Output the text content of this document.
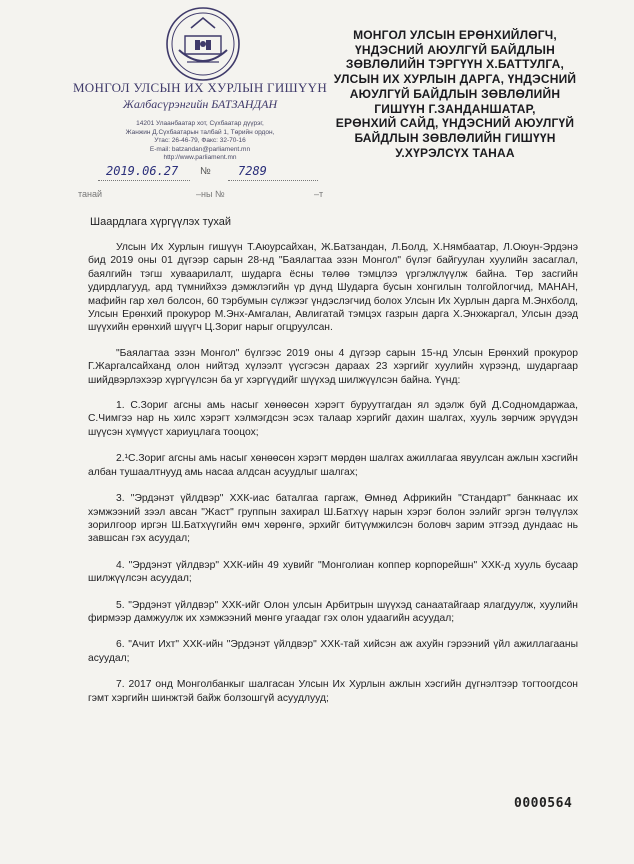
МОНГОЛ УЛСЫН ИХ ХУРЛЫН ГИШҮҮН
Жалбасүрэнгийн БАТЗАНДАН
14201 Улаанбаатар хот, Сүхбаатар дүүрэг,
Жанжин Д.Сүхбаатарын талбай 1, Төрийн ордон,
Утас: 26-46-79, Факс: 32-70-16
E-mail: batzandan@parliament.mn
http://www.parliament.mn
МОНГОЛ УЛСЫН ЕРӨНХИЙЛӨГЧ,
ҮНДЭСНИЙ АЮУЛГҮЙ БАЙДЛЫН
ЗӨВЛӨЛИЙН ТЭРГҮҮН Х.БАТТУЛГА,
УЛСЫН ИХ ХУРЛЫН ДАРГА, ҮНДЭСНИЙ
АЮУЛГҮЙ БАЙДЛЫН ЗӨВЛӨЛИЙН
ГИШҮҮН Г.ЗАНДАНШАТАР,
ЕРӨНХИЙ САЙД, ҮНДЭСНИЙ АЮУЛГҮЙ
БАЙДЛЫН ЗӨВЛӨЛИЙН ГИШҮҮН
У.ХҮРЭЛСҮХ ТАНАА
2019.06.27 № 7289
танай	–ны №	–т
Шаардлага хүргүүлэх тухай

Улсын Их Хурлын гишүүн Т.Аюурсайхан, Ж.Батзандан, Л.Болд, Х.Нямбаатар, Л.Оюун-Эрдэнэ бид 2019 оны 01 дүгээр сарын 28-нд "Баялагтаа эзэн Монгол" бүлэг байгуулан хуулийн засаглал, баялгийн тэгш хуваарилалт, шударга ёсны төлөө тэмцлээ үргэлжлүүлж байна. Төр засгийн удирдлагууд, ард түмнийхээ дэмжлэгийн үр дүнд Шударга бусын хонгилын толгойлогчид, МАНАН, мафийн гар хөл болсон, 60 тэрбумын сүлжээг үндэслэгчид болох Улсын Их Хурлын дарга М.Энхболд, Улсын Ерөнхий прокурор М.Энх-Амгалан, Авлигатай тэмцэх газрын дарга Х.Энхжаргал, Улсын дээд шүүхийн ерөнхий шүүгч Ц.Зориг нарыг огцруулсан.

"Баялагтаа эзэн Монгол" бүлгээс 2019 оны 4 дүгээр сарын 15-нд Улсын Ерөнхий прокурор Г.Жаргалсайханд олон нийтэд хүлээлт үүсгэсэн дараах 23 хэргийг хуулийн хүрээнд, шударгаар шийдвэрлэхээр хүргүүлсэн ба уг хэргүүдийг шүүхэд шилжүүлсэн байна. Үүнд:

1. С.Зориг агсны амь насыг хөнөөсөн хэрэгт буруутгагдан ял эдэлж буй Д.Содномдаржаа, С.Чимгээ нар нь хилс хэрэгт хэлмэгдсэн эсэх талаар хэргийг дахин шалгах, хууль зөрчиж эрүүдэн шүүсэн хүмүүст хариуцлага тооцох;

2.¹С.Зориг агсны амь насыг хөнөөсөн хэрэгт мөрдөн шалгах ажиллагаа явуулсан ажлын хэсгийн албан тушаалтнууд амь насаа алдсан асуудлыг шалгах;

3. "Эрдэнэт үйлдвэр" ХХК-иас баталгаа гаргаж, Өмнөд Африкийн "Стандарт" банкнаас их хэмжээний зээл авсан "Жаст" группын захирал Ш.Батхүү нарын хэрэг болон ээлийг эргэн төлүүлэх зорилгоор иргэн Ш.Батхүүгийн өмч хөрөнгө, эрхийг битүүмжилсэн боловч зарим этгээд дундаас нь завшсан гэх асуудал;

4. "Эрдэнэт үйлдвэр" ХХК-ийн 49 хувийг "Монголиан коппер корпорейшн" ХХК-д хууль бусаар шилжүүлсэн асуудал;

5. "Эрдэнэт үйлдвэр" ХХК-ийг Олон улсын Арбитрын шүүхэд санаатайгаар ялагдуулж, хуулийн фирмээр дамжуулж их хэмжээний мөнгө угаадаг гэх олон удаагийн асуудал;

6. "Ачит Ихт" ХХК-ийн "Эрдэнэт үйлдвэр" ХХК-тай хийсэн аж ахуйн гэрээний үйл ажиллагааны асуудал;

7. 2017 онд Монголбанкыг шалгасан Улсын Их Хурлын ажлын хэсгийн дүгнэлтээр тогтоогдсон гэмт хэргийн шинжтэй байж болзошгүй асуудлууд;

0000564
